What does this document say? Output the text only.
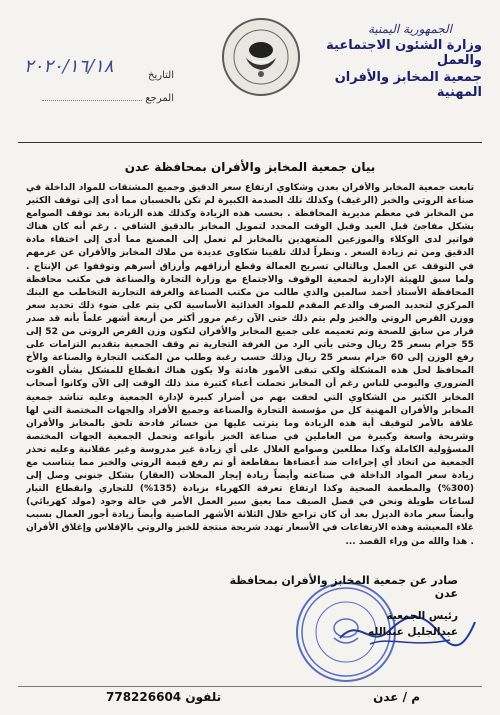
الجمهورية اليمنية
وزارة الشئون الاجتماعية والعمل
جمعية المخابز والأفران المهنية
التاريخ
٢٠٢٠/١٦/١٨
المرجع
بيان جمعية المخابز والأفران بمحافظة عدن
تابعت جمعية المخابز والأفران بعدن وشكاوي ارتفاع سعر الدقيق وجميع المشتقات للمواد الداخلة في صناعة الروتي والخبز (الرغيف) وكذلك تلك الصدمة الكبيرة لم تكن بالحسبان مما أدى إلى توقف الكثير من المخابز في معظم مديرية المحافظة . بحسب هذه الزيادة وكذلك هذه الزيادة بعد توقف الصوامع بشكل مفاجئ قبل العيد وقبل الوقت المحدد لتمويل المخابز بالدقيق الشافي . رغم أنه كان هناك فواتير لدى الوكلاء والموزعين المتعهدين بالمخابز لم تعمل إلى المصنع مما أدى إلى اختفاء مادة الدقيق ومن ثم زيادة السعر . ونظراً لذلك تلقينا شكاوى عديدة من ملاك المخابز والأفران عن عزمهم في التوقف عن العمل وبالتالي تسريح العمالة وقطع أرزاقهم وأرزاق أسرهم وتوقفوا عن الإنتاج . ولما سبق للهيئة الإدارية لجمعية الوقوف والاجتماع مع وزارة التجارة والصناعة في مكتب محافظة المحافظة الأستاذ أحمد سالمين والذي طالب من مكتب الصناعة والغرفة التجارية التخاطب مع البنك المركزي لتحديد الصرف والدعم المقدم للمواد الغذائية الأساسية لكي يتم على ضوء ذلك تحديد سعر ووزن القرص الروتي والخبز ولم يتم ذلك حتى الآن رغم مرور أكثر من أربعة أشهر علماً بأنه قد صدر قرار من سابق للصحة وتم تعميمه على جميع المخابز والأفران لتكون وزن القرص الروتي من 52 إلى 55 جرام بسعر 25 ريال وحتى يأتي الرد من الغرفة التجارية تم وقف الجمعية بتقديم التزامات على رفع الوزن إلى 60 جرام بسعر 25 ريال وذلك حسب رغبة وطلب من المكتب التجارة والصناعة والأخ المحافظ لحل هذه المشكلة ولكي تبقى الأمور هادئة ولا يكون هناك انقطاع للمشكل بشأن القوت الضروري واليومي للناس رغم أن المخابز تحملت أعباء كثيرة منذ ذلك الوقت إلى الآن وكانوا أصحاب المخابز الكثير من الشكاوي التي لحقت بهم من أضرار كبيرة لإدارة الجمعية وعليه تناشد جمعية المخابز والأفران المهنية كل من مؤسسة التجارة والصناعة وجميع الأفراد والجهات المختصة التي لها علاقة بالأمر لتوقيف أية هذه الزيادة وما يترتب عليها من خسائر فادحة تلحق بالمخابز والأفران وشريحة واسعة وكبيرة من العاملين في صناعة الخبز بأنواعه وتحمل الجمعية الجهات المختصة المسؤولية الكاملة وكذا مطلعين وصوامع الغلال على أي زيادة غير مدروسة وغير عقلانية وعليه تحذر الجمعية من اتخاذ أي إجراءات ضد أعضاءها بمقاطعة أو تم رفع قيمة الروتي والخبز مما يتناسب مع زيادة سعر المواد الداخلة في صناعته وأيضاً زيادة إيجار المحلات (العقار) بشكل جنوني وصل إلى (300%) والمطعمة الصحية وكذا ارتفاع تعرفة الكهرباء بزيادة (135%) للتجاري وانقطاع التيار لساعات طويلة ونحن في فصل الصيف مما يعيق سير العمل الأمر في حالة وجود (مولد كهربائي) وأيضاً سعر مادة الديزل بعد أن كان تراجع خلال الثلاثة الأشهر الماضية وأيضاً زيادة أجور العمال بسبب غلاء المعيشة وهذه الارتفاعات في الأسعار تهدد شريحة منتجة للخبز والروتي بالإفلاس وإغلاق الأفران . هذا والله من وراء القصد ...
صادر عن جمعية المخابز والأفران بمحافظة عدن
رئيس الجمعية
عبدالجليل عبدالله
تلفون 778226604	م / عدن
